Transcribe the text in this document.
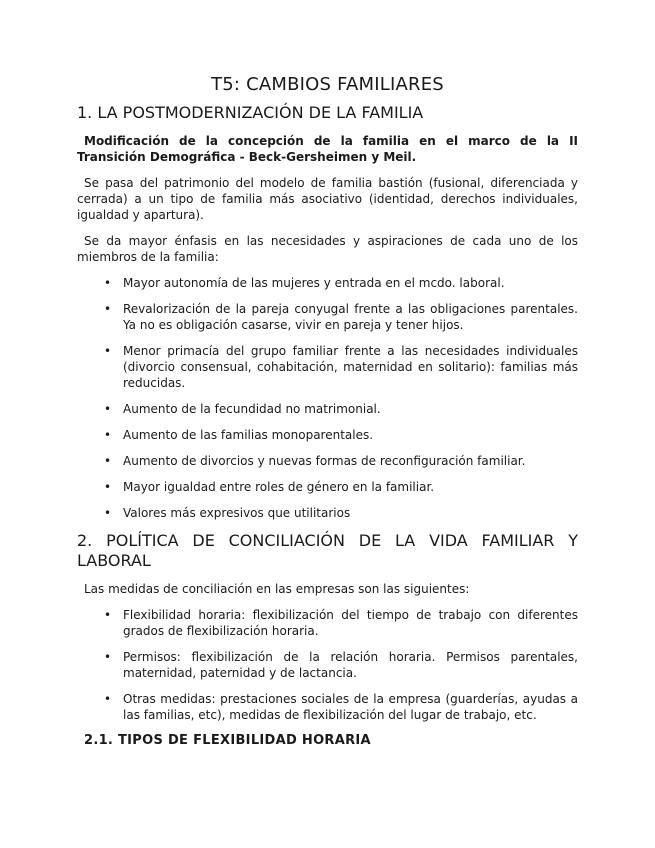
T5: CAMBIOS FAMILIARES
1. LA POSTMODERNIZACIÓN DE LA FAMILIA
Modificación de la concepción de la familia en el marco de la II Transición Demográfica - Beck-Gersheimen y Meil.

Se pasa del patrimonio del modelo de familia bastión (fusional, diferenciada y cerrada) a un tipo de familia más asociativo (identidad, derechos individuales, igualdad y apartura).

Se da mayor énfasis en las necesidades y aspiraciones de cada uno de los miembros de la familia:

• Mayor autonomía de las mujeres y entrada en el mcdo. laboral.
• Revalorización de la pareja conyugal frente a las obligaciones parentales. Ya no es obligación casarse, vivir en pareja y tener hijos.
• Menor primacía del grupo familiar frente a las necesidades individuales (divorcio consensual, cohabitación, maternidad en solitario): familias más reducidas.
• Aumento de la fecundidad no matrimonial.
• Aumento de las familias monoparentales.
• Aumento de divorcios y nuevas formas de reconfiguración familiar.
• Mayor igualdad entre roles de género en la familiar.
• Valores más expresivos que utilitarios
2. POLÍTICA DE CONCILIACIÓN DE LA VIDA FAMILIAR Y LABORAL

Las medidas de conciliación en las empresas son las siguientes:

• Flexibilidad horaria: flexibilización del tiempo de trabajo con diferentes grados de flexibilización horaria.
• Permisos: flexibilización de la relación horaria. Permisos parentales, maternidad, paternidad y de lactancia.
• Otras medidas: prestaciones sociales de la empresa (guarderías, ayudas a las familias, etc), medidas de flexibilización del lugar de trabajo, etc.
2.1. TIPOS DE FLEXIBILIDAD HORARIA
